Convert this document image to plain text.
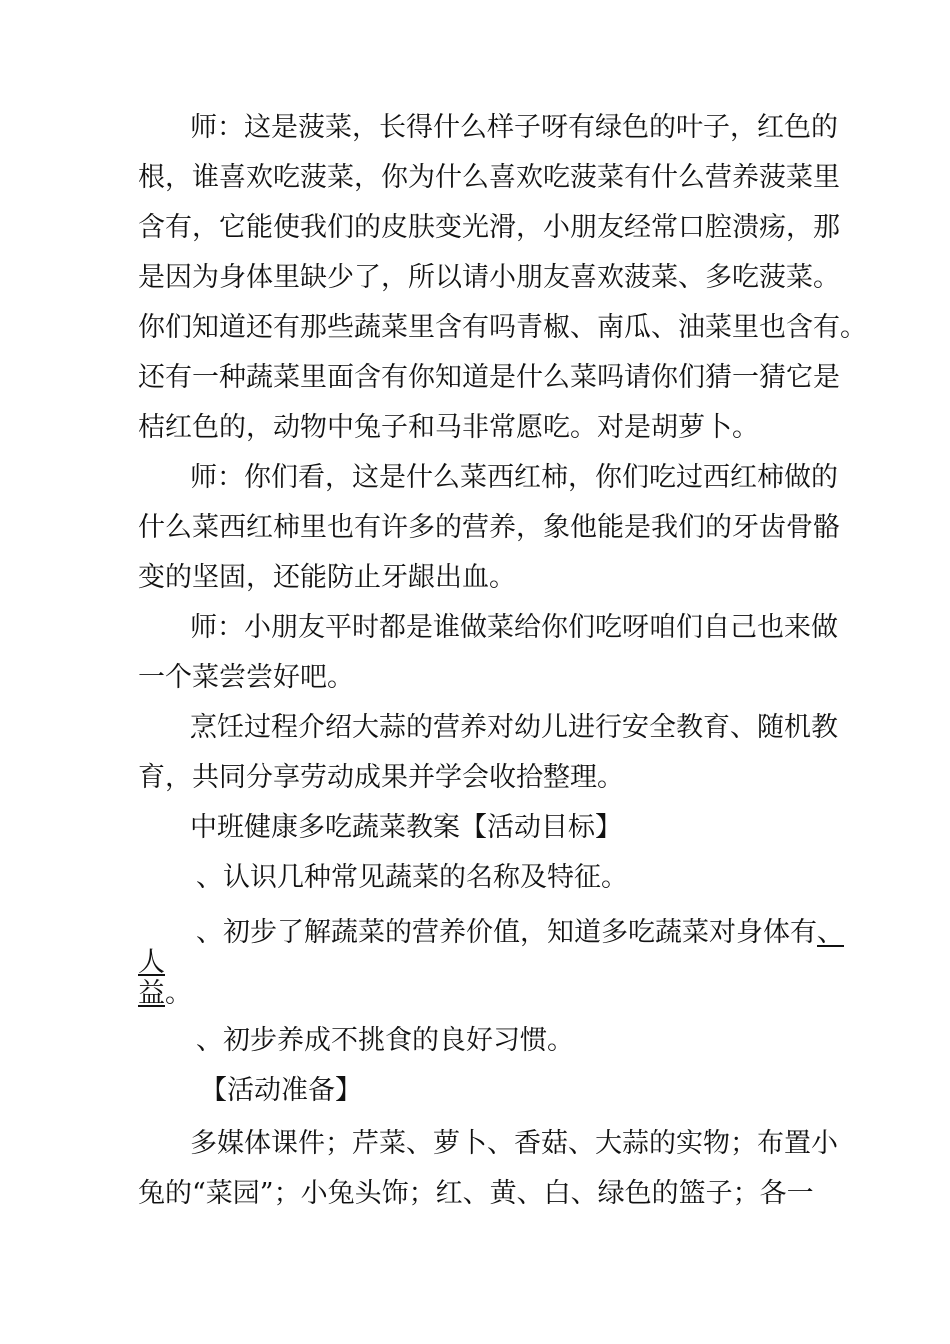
师：这是菠菜，长得什么样子呀有绿色的叶子，红色的
根，谁喜欢吃菠菜，你为什么喜欢吃菠菜有什么营养菠菜里
含有，它能使我们的皮肤变光滑，小朋友经常口腔溃疡，那
是因为身体里缺少了，所以请小朋友喜欢菠菜、多吃菠菜。
你们知道还有那些蔬菜里含有吗青椒、南瓜、油菜里也含有。
还有一种蔬菜里面含有你知道是什么菜吗请你们猜一猜它是
桔红色的，动物中兔子和马非常愿吃。对是胡萝卜。
师：你们看，这是什么菜西红柿，你们吃过西红柿做的
什么菜西红柿里也有许多的营养，象他能是我们的牙齿骨骼
变的坚固，还能防止牙龈出血。
师：小朋友平时都是谁做菜给你们吃呀咱们自己也来做
一个菜尝尝好吧。
烹饪过程介绍大蒜的营养对幼儿进行安全教育、随机教
育，共同分享劳动成果并学会收拾整理。
中班健康多吃蔬菜教案【活动目标】
、认识几种常见蔬菜的名称及特征。
、初步了解蔬菜的营养价值，知道多吃蔬菜对身体有、
人
益。
、初步养成不挑食的良好习惯。
【活动准备】
多媒体课件；芹菜、萝卜、香菇、大蒜的实物；布置小
兔的“菜园”；小兔头饰；红、黄、白、绿色的篮子；各一
